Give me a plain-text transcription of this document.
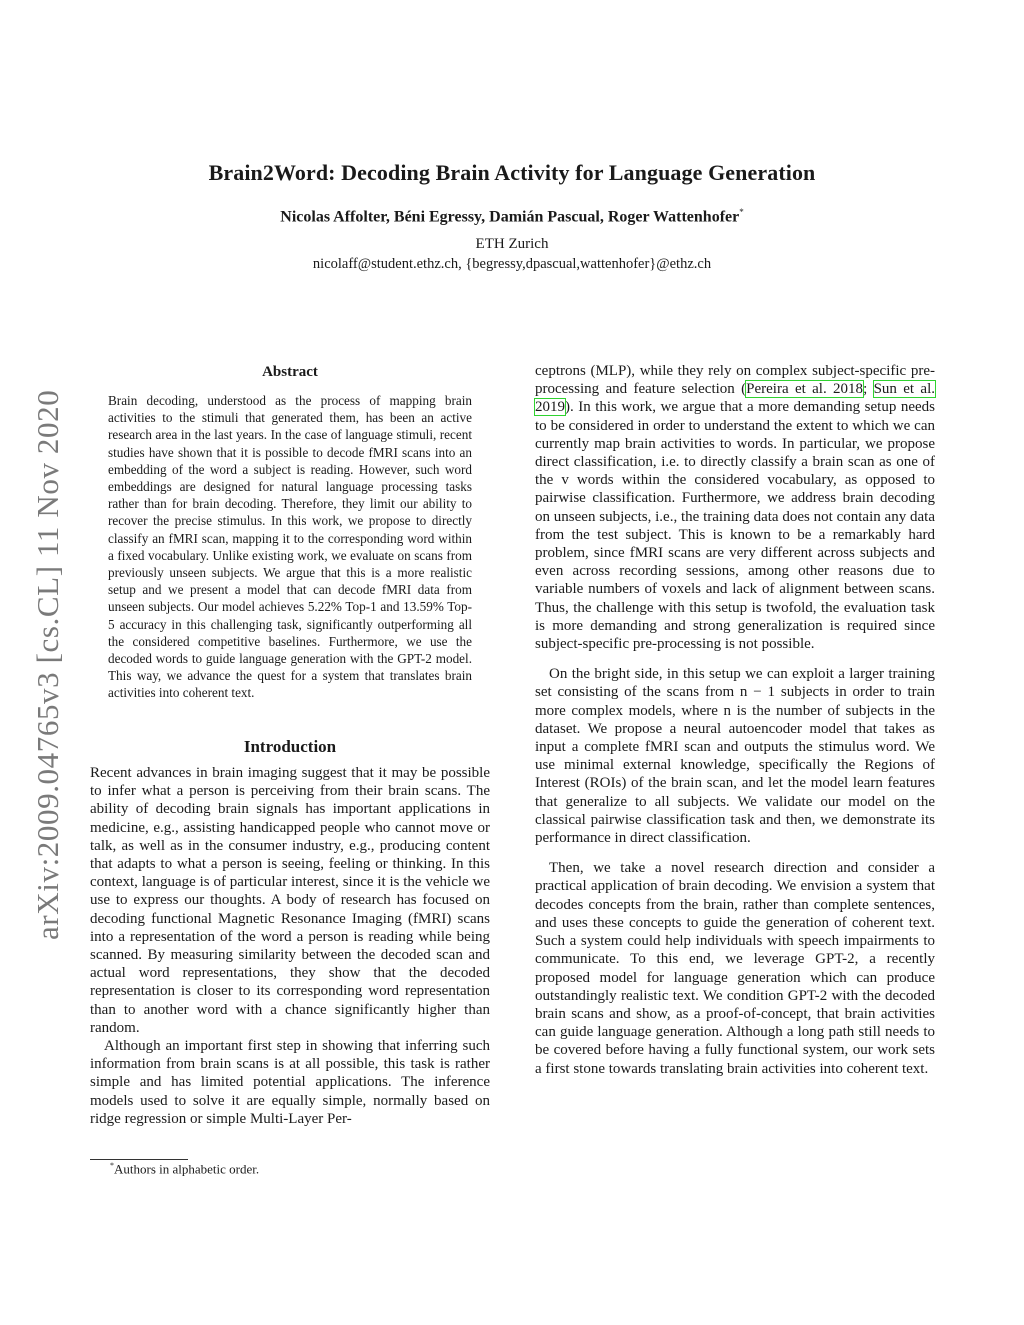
Brain2Word: Decoding Brain Activity for Language Generation
Nicolas Affolter, Béni Egressy, Damián Pascual, Roger Wattenhofer*
ETH Zurich
nicolaff@student.ethz.ch, {begressy,dpascual,wattenhofer}@ethz.ch
arXiv:2009.04765v3 [cs.CL] 11 Nov 2020
Abstract
Brain decoding, understood as the process of mapping brain activities to the stimuli that generated them, has been an active research area in the last years. In the case of language stimuli, recent studies have shown that it is possible to decode fMRI scans into an embedding of the word a subject is reading. However, such word embeddings are designed for natural language processing tasks rather than for brain decoding. Therefore, they limit our ability to recover the precise stimulus. In this work, we propose to directly classify an fMRI scan, mapping it to the corresponding word within a fixed vocabulary. Unlike existing work, we evaluate on scans from previously unseen subjects. We argue that this is a more realistic setup and we present a model that can decode fMRI data from unseen subjects. Our model achieves 5.22% Top-1 and 13.59% Top-5 accuracy in this challenging task, significantly outperforming all the considered competitive baselines. Furthermore, we use the decoded words to guide language generation with the GPT-2 model. This way, we advance the quest for a system that translates brain activities into coherent text.
Introduction

Recent advances in brain imaging suggest that it may be possible to infer what a person is perceiving from their brain scans. The ability of decoding brain signals has important applications in medicine, e.g., assisting handicapped people who cannot move or talk, as well as in the consumer industry, e.g., producing content that adapts to what a person is seeing, feeling or thinking. In this context, language is of particular interest, since it is the vehicle we use to express our thoughts. A body of research has focused on decoding functional Magnetic Resonance Imaging (fMRI) scans into a representation of the word a person is reading while being scanned. By measuring similarity between the decoded scan and actual word representations, they show that the decoded representation is closer to its corresponding word representation than to another word with a chance significantly higher than random.

Although an important first step in showing that inferring such information from brain scans is at all possible, this task is rather simple and has limited potential applications. The inference models used to solve it are equally simple, normally based on ridge regression or simple Multi-Layer Per-

*Authors in alphabetic order.

ceptrons (MLP), while they rely on complex subject-specific pre-processing and feature selection (Pereira et al. 2018; Sun et al. 2019). In this work, we argue that a more demanding setup needs to be considered in order to understand the extent to which we can currently map brain activities to words. In particular, we propose direct classification, i.e. to directly classify a brain scan as one of the v words within the considered vocabulary, as opposed to pairwise classification. Furthermore, we address brain decoding on unseen subjects, i.e., the training data does not contain any data from the test subject. This is known to be a remarkably hard problem, since fMRI scans are very different across subjects and even across recording sessions, among other reasons due to variable numbers of voxels and lack of alignment between scans. Thus, the challenge with this setup is twofold, the evaluation task is more demanding and strong generalization is required since subject-specific pre-processing is not possible.

On the bright side, in this setup we can exploit a larger training set consisting of the scans from n − 1 subjects in order to train more complex models, where n is the number of subjects in the dataset. We propose a neural autoencoder model that takes as input a complete fMRI scan and outputs the stimulus word. We use minimal external knowledge, specifically the Regions of Interest (ROIs) of the brain scan, and let the model learn features that generalize to all subjects. We validate our model on the classical pairwise classification task and then, we demonstrate its performance in direct classification.

Then, we take a novel research direction and consider a practical application of brain decoding. We envision a system that decodes concepts from the brain, rather than complete sentences, and uses these concepts to guide the generation of coherent text. Such a system could help individuals with speech impairments to communicate. To this end, we leverage GPT-2, a recently proposed model for language generation which can produce outstandingly realistic text. We condition GPT-2 with the decoded brain scans and show, as a proof-of-concept, that brain activities can guide language generation. Although a long path still needs to be covered before having a fully functional system, our work sets a first stone towards translating brain activities into coherent text.
